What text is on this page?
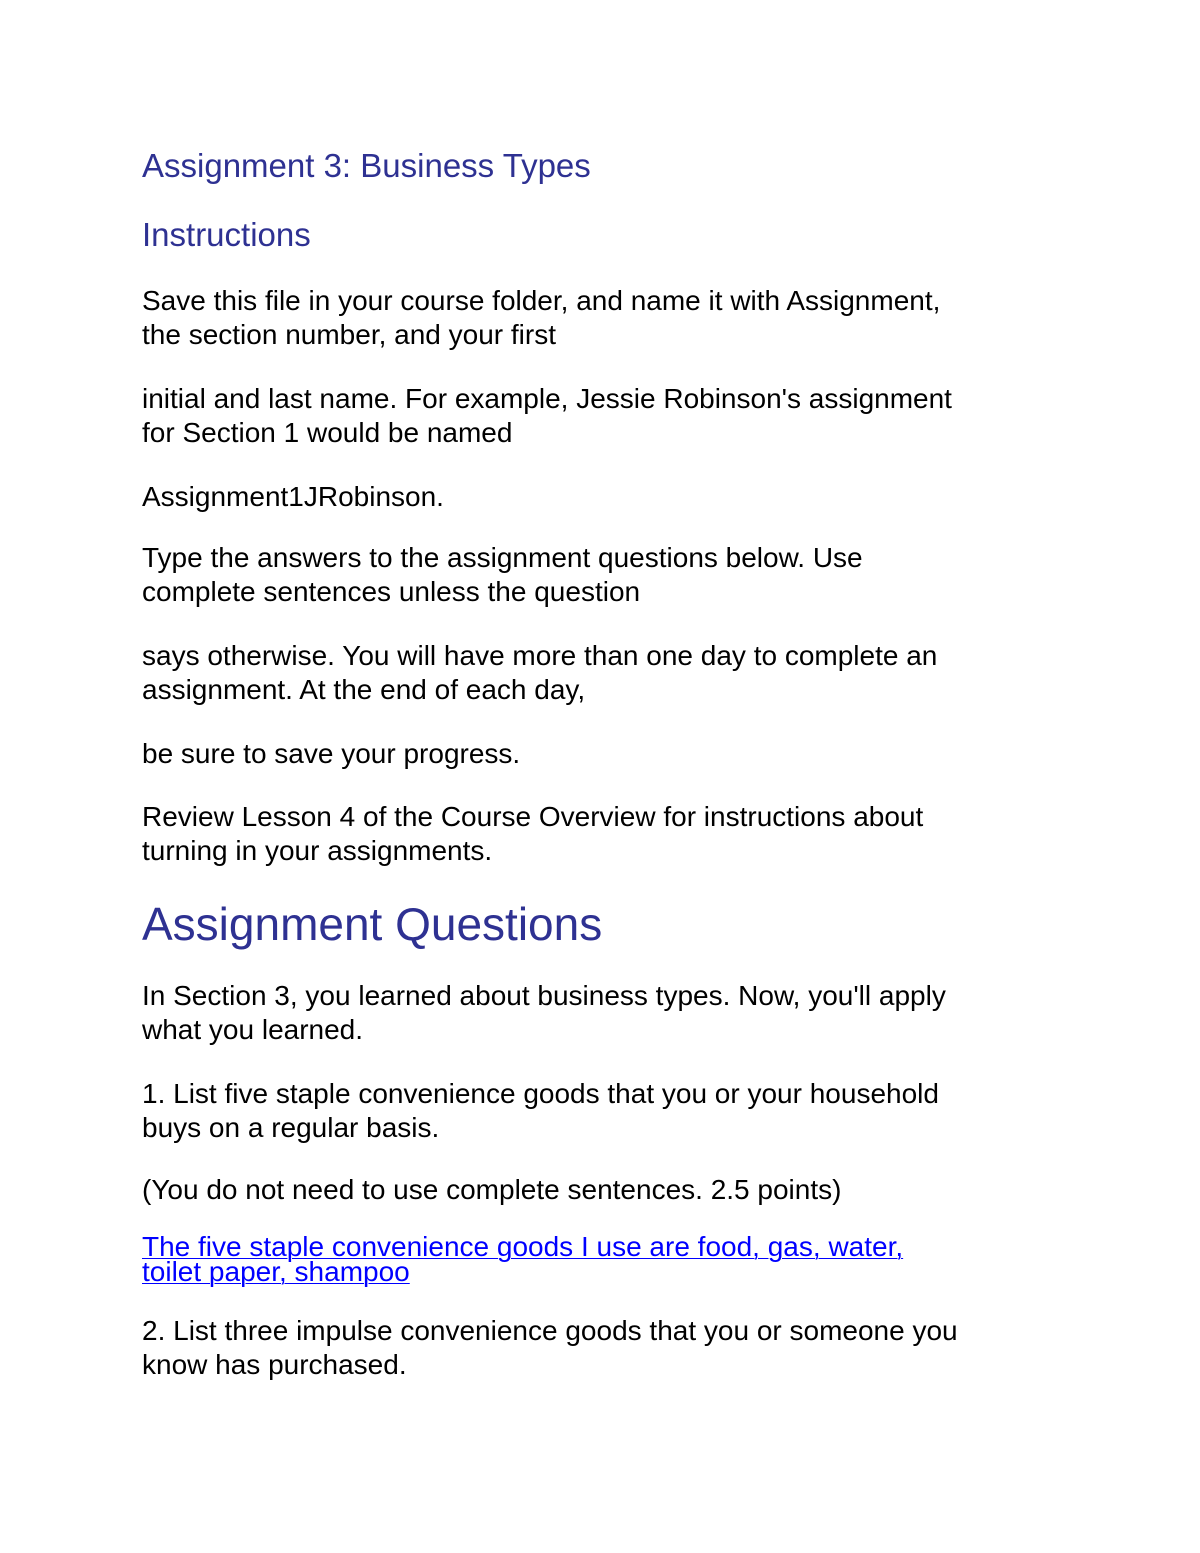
Assignment 3: Business Types
Instructions

Save this file in your course folder, and name it with Assignment,
the section number, and your first

initial and last name. For example, Jessie Robinson's assignment
for Section 1 would be named

Assignment1JRobinson.

Type the answers to the assignment questions below. Use
complete sentences unless the question

says otherwise. You will have more than one day to complete an
assignment. At the end of each day,

be sure to save your progress.

Review Lesson 4 of the Course Overview for instructions about
turning in your assignments.

Assignment Questions

In Section 3, you learned about business types. Now, you'll apply
what you learned.

1. List five staple convenience goods that you or your household
buys on a regular basis.

(You do not need to use complete sentences. 2.5 points)

The five staple convenience goods I use are food, gas, water,
toilet paper, shampoo

2. List three impulse convenience goods that you or someone you
know has purchased.
